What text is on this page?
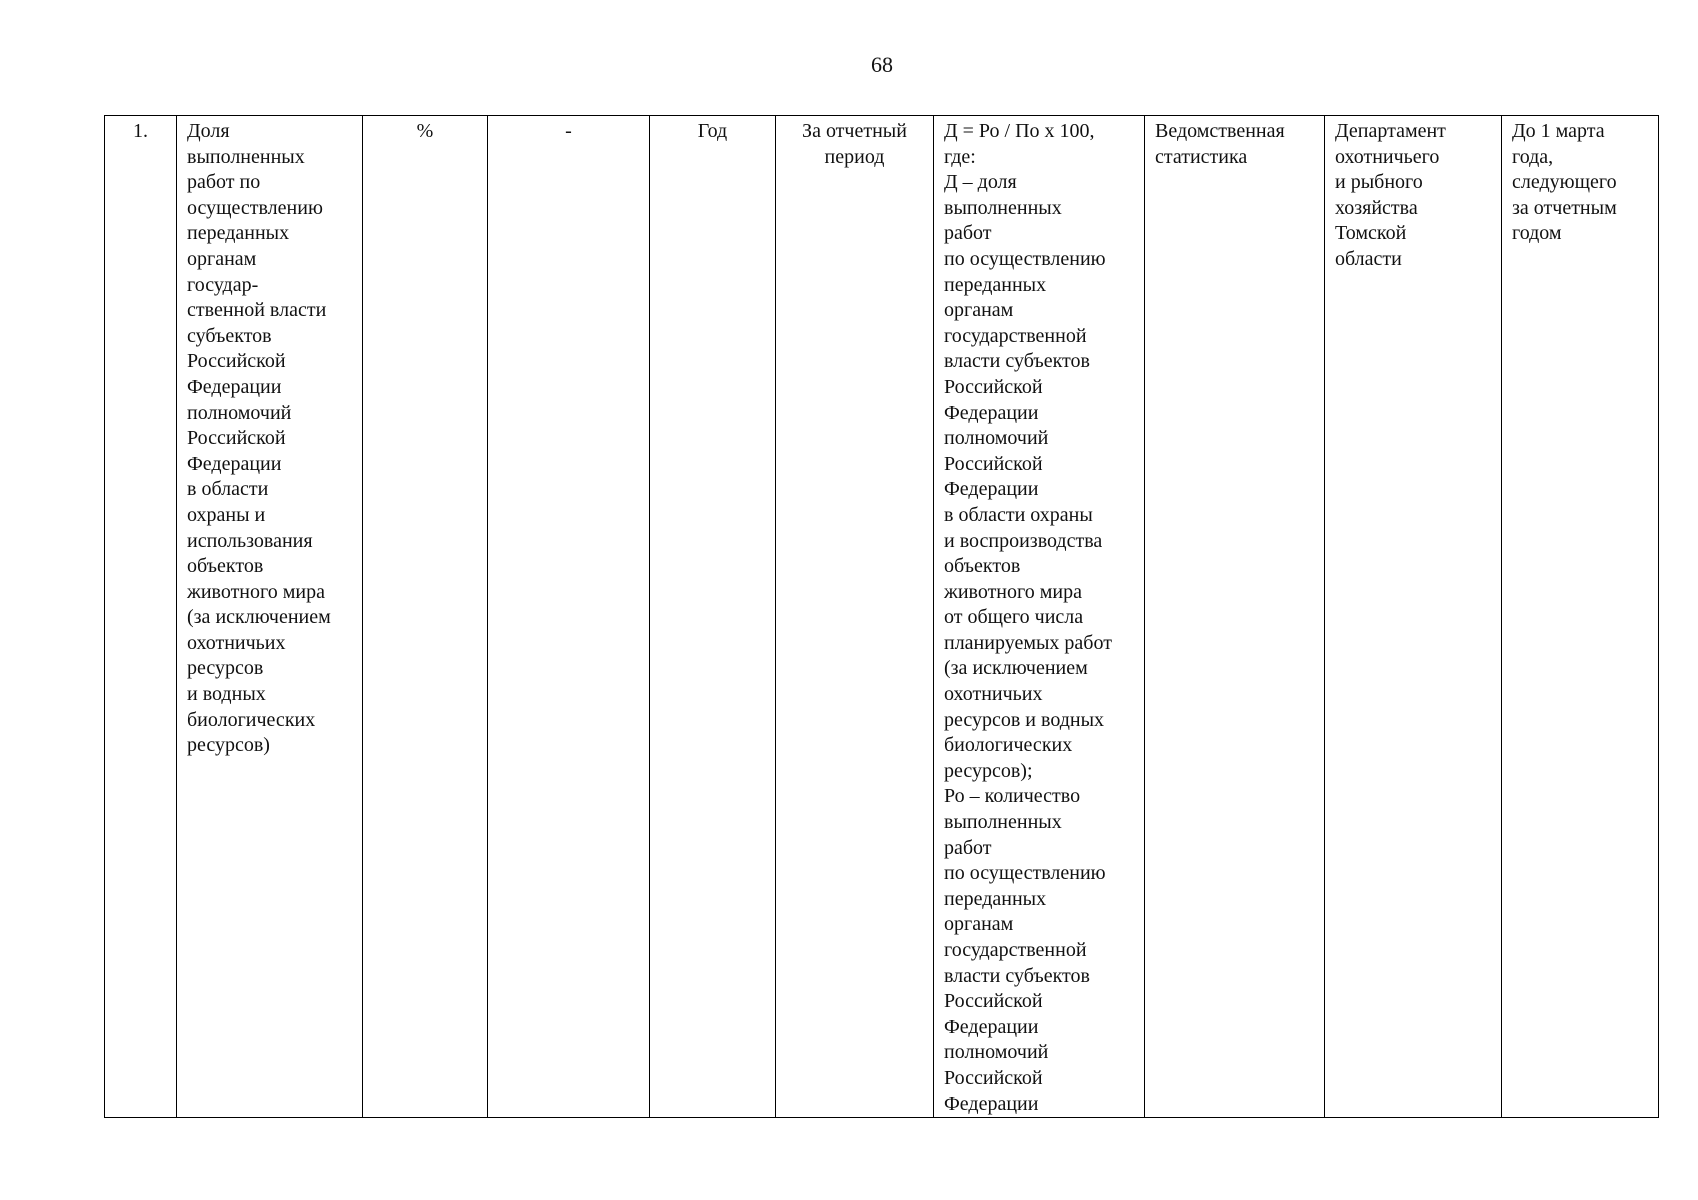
68
1.	Доля
выполненных
работ по
осуществлению
переданных
органам
государ-
ственной власти
субъектов
Российской
Федерации
полномочий
Российской
Федерации
в области
охраны и
использования
объектов
животного мира
(за исключением
охотничьих
ресурсов
и водных
биологических
ресурсов)	%	-	Год	За отчетный
период	Д = Ро / По х 100,
где:
Д – доля
выполненных
работ
по осуществлению
переданных
органам
государственной
власти субъектов
Российской
Федерации
полномочий
Российской
Федерации
в области охраны
и воспроизводства
объектов
животного мира
от общего числа
планируемых работ
(за исключением
охотничьих
ресурсов и водных
биологических
ресурсов);
Ро – количество
выполненных
работ
по осуществлению
переданных
органам
государственной
власти субъектов
Российской
Федерации
полномочий
Российской
Федерации	Ведомственная
статистика	Департамент
охотничьего
и рыбного
хозяйства
Томской
области	До 1 марта
года,
следующего
за отчетным
годом
